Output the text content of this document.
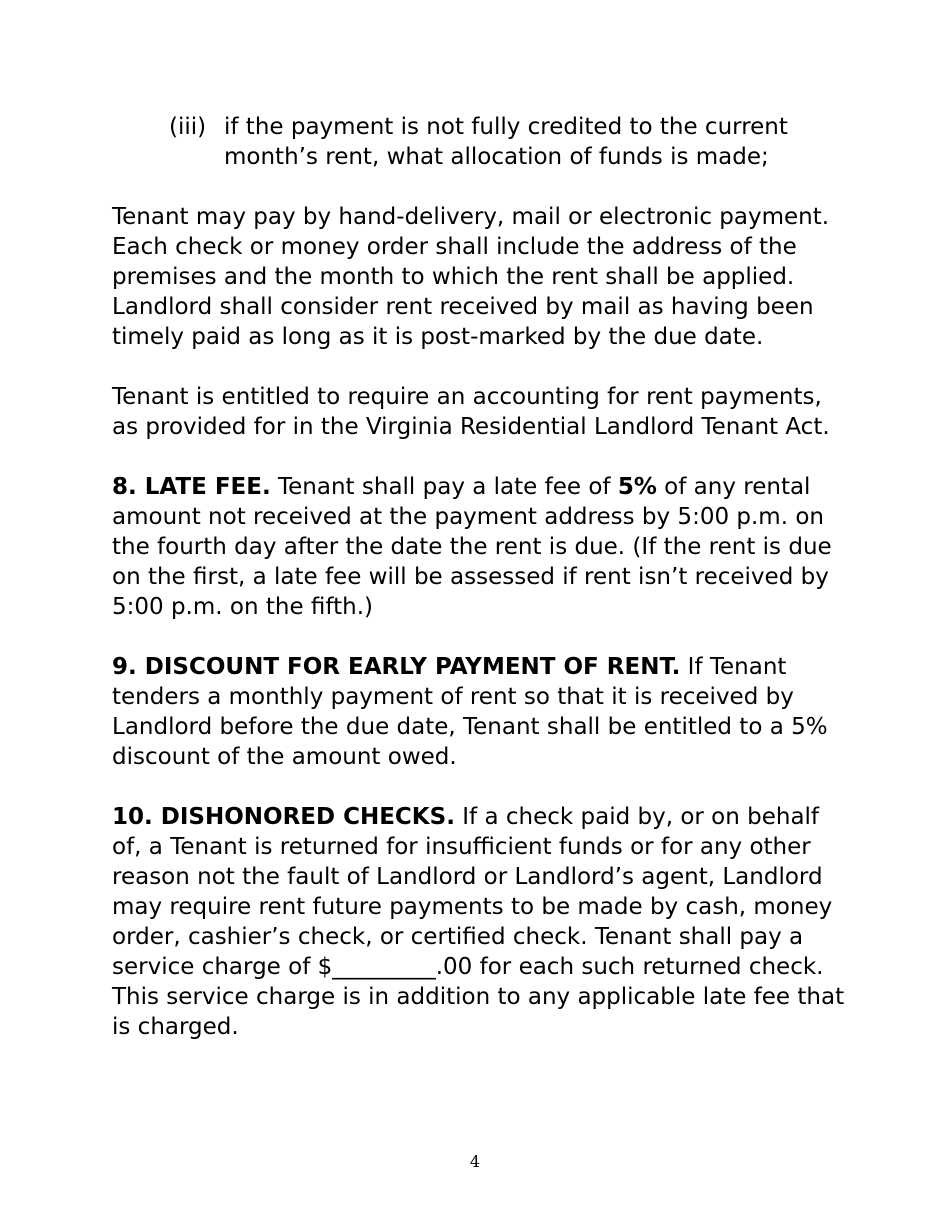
(iii) if the payment is not fully credited to the current month’s rent, what allocation of funds is made;

Tenant may pay by hand-delivery, mail or electronic payment. Each check or money order shall include the address of the premises and the month to which the rent shall be applied. Landlord shall consider rent received by mail as having been timely paid as long as it is post-marked by the due date.

Tenant is entitled to require an accounting for rent payments, as provided for in the Virginia Residential Landlord Tenant Act.

8. LATE FEE. Tenant shall pay a late fee of 5% of any rental amount not received at the payment address by 5:00 p.m. on the fourth day after the date the rent is due. (If the rent is due on the first, a late fee will be assessed if rent isn’t received by 5:00 p.m. on the fifth.)

9. DISCOUNT FOR EARLY PAYMENT OF RENT. If Tenant tenders a monthly payment of rent so that it is received by Landlord before the due date, Tenant shall be entitled to a 5% discount of the amount owed.

10. DISHONORED CHECKS. If a check paid by, or on behalf of, a Tenant is returned for insufficient funds or for any other reason not the fault of Landlord or Landlord’s agent, Landlord may require rent future payments to be made by cash, money order, cashier’s check, or certified check. Tenant shall pay a service charge of $_________.00 for each such returned check. This service charge is in addition to any applicable late fee that is charged.

4
